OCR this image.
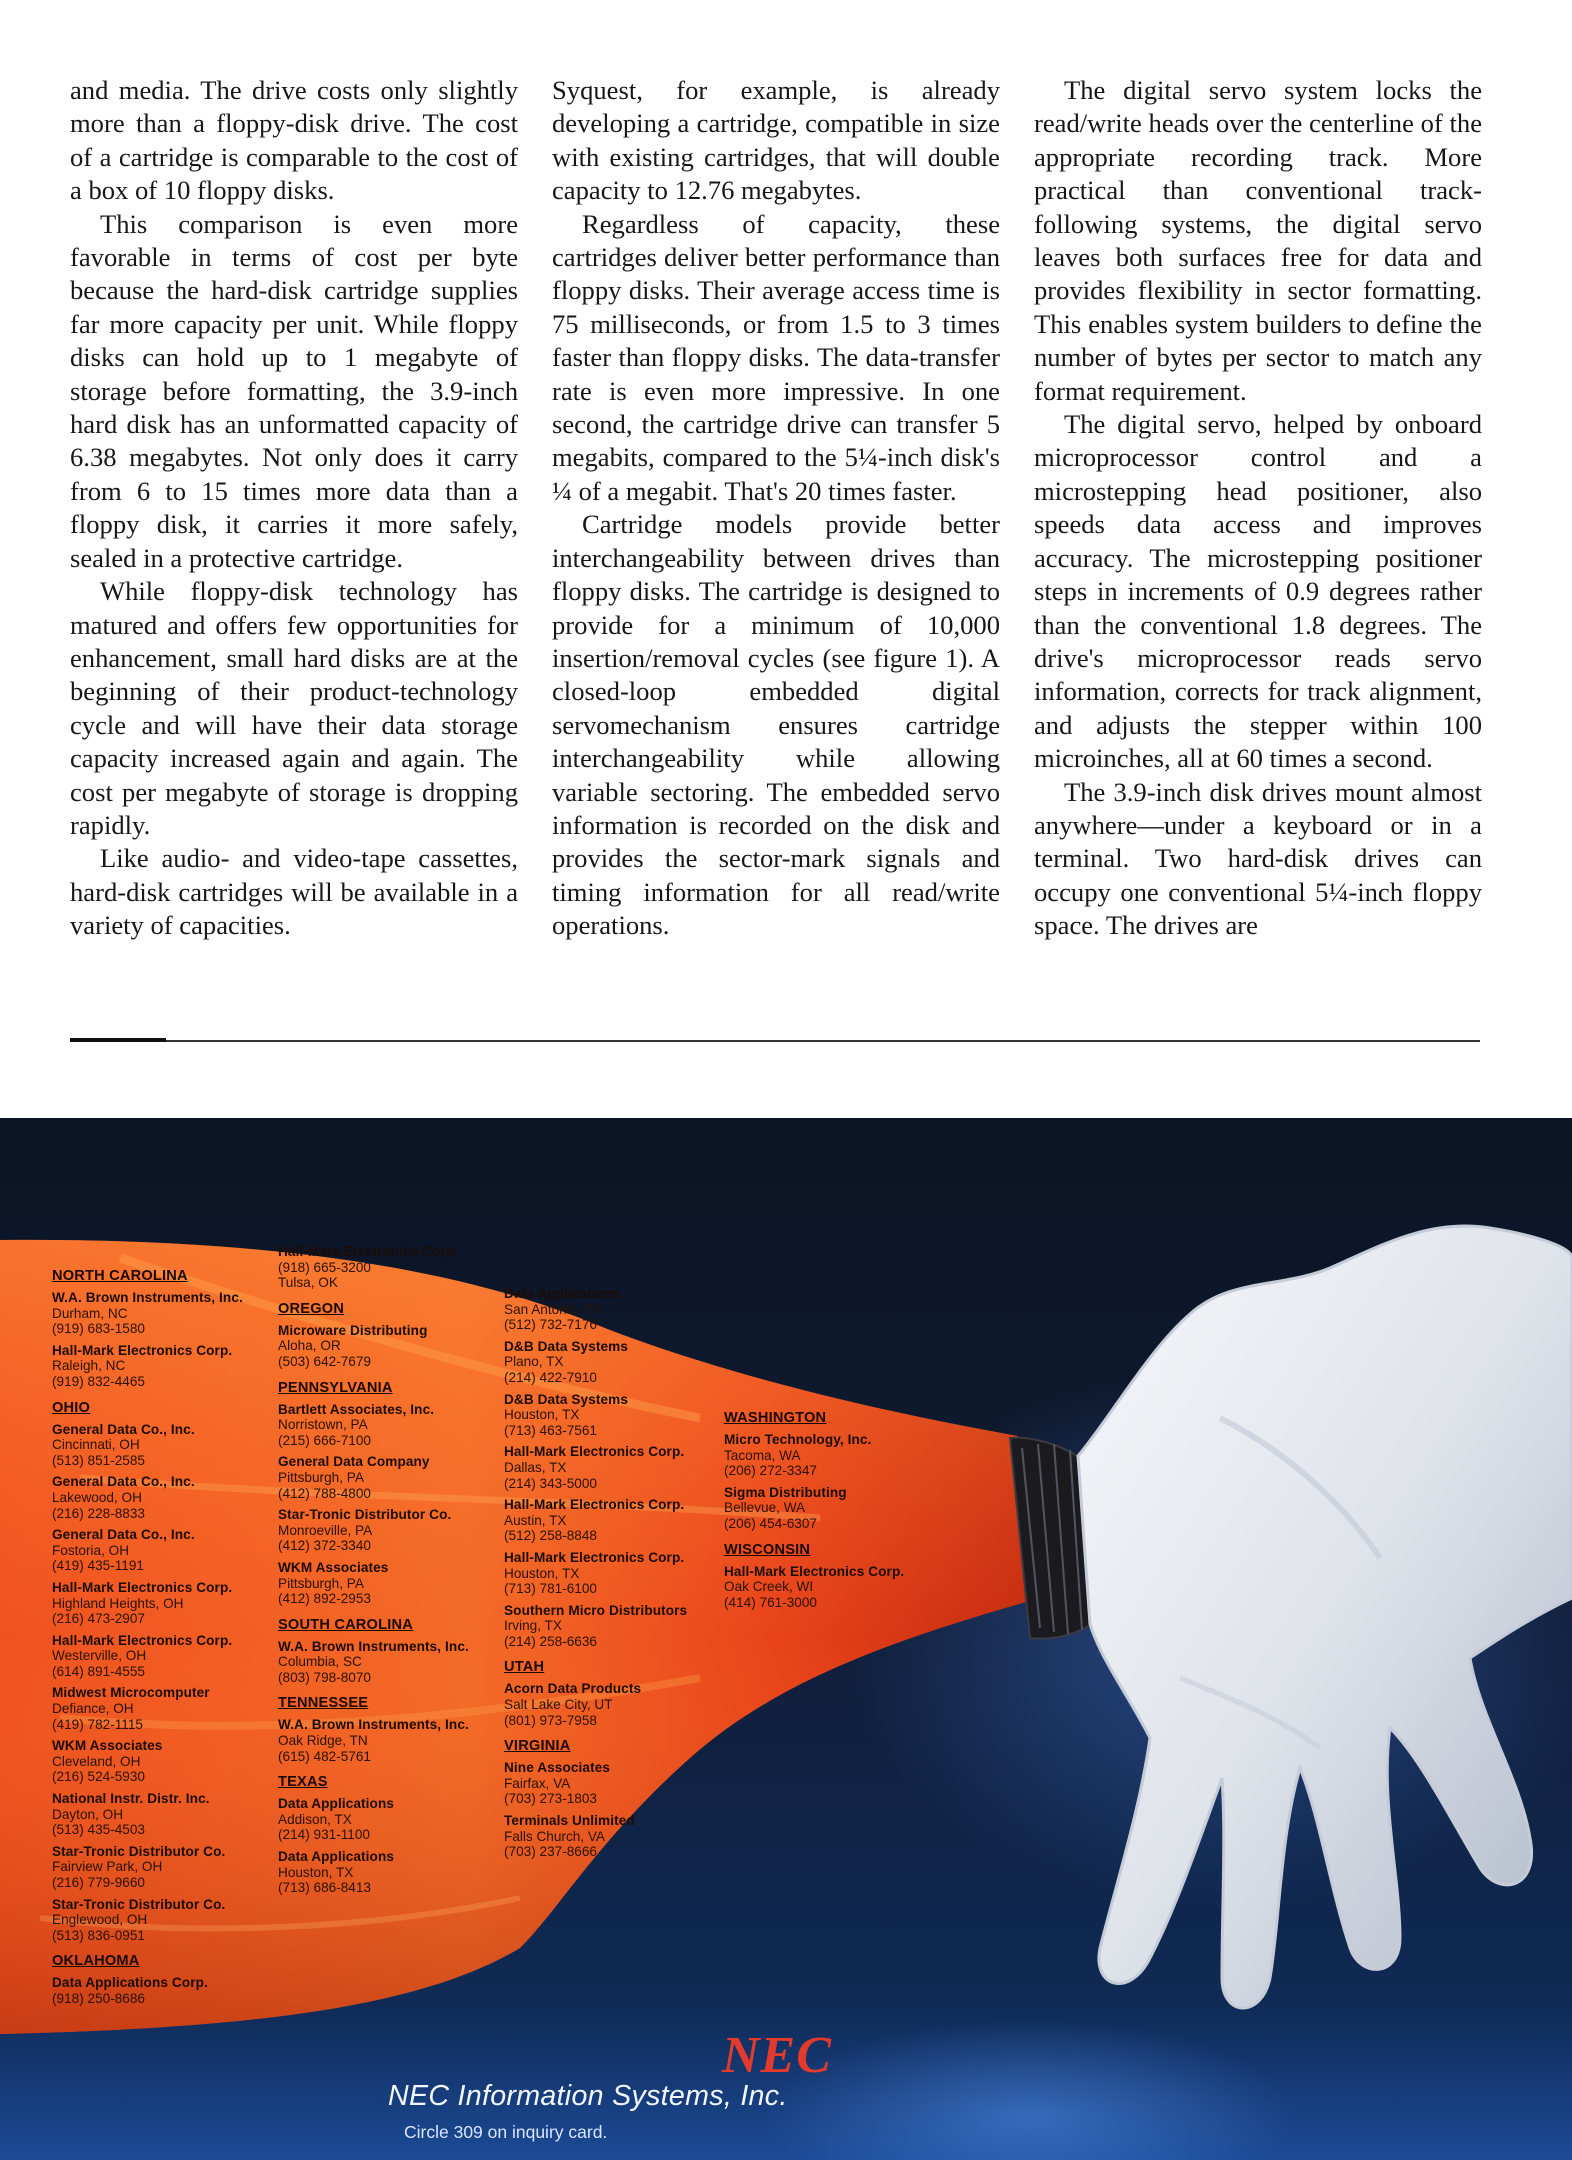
and media. The drive costs only slightly more than a floppy-disk drive. The cost of a cartridge is comparable to the cost of a box of 10 floppy disks.

This comparison is even more favorable in terms of cost per byte because the hard-disk cartridge supplies far more capacity per unit. While floppy disks can hold up to 1 megabyte of storage before formatting, the 3.9-inch hard disk has an unformatted capacity of 6.38 megabytes. Not only does it carry from 6 to 15 times more data than a floppy disk, it carries it more safely, sealed in a protective cartridge.

While floppy-disk technology has matured and offers few opportunities for enhancement, small hard disks are at the beginning of their product-technology cycle and will have their data storage capacity increased again and again. The cost per megabyte of storage is dropping rapidly.

Like audio- and video-tape cassettes, hard-disk cartridges will be available in a variety of capacities.

Syquest, for example, is already developing a cartridge, compatible in size with existing cartridges, that will double capacity to 12.76 megabytes.

Regardless of capacity, these cartridges deliver better performance than floppy disks. Their average access time is 75 milliseconds, or from 1.5 to 3 times faster than floppy disks. The data-transfer rate is even more impressive. In one second, the cartridge drive can transfer 5 megabits, compared to the 5¼-inch disk's ¼ of a megabit. That's 20 times faster.

Cartridge models provide better interchangeability between drives than floppy disks. The cartridge is designed to provide for a minimum of 10,000 insertion/removal cycles (see figure 1). A closed-loop embedded digital servomechanism ensures cartridge interchangeability while allowing variable sectoring. The embedded servo information is recorded on the disk and provides the sector-mark signals and timing information for all read/write operations.

The digital servo system locks the read/write heads over the centerline of the appropriate recording track. More practical than conventional track-following systems, the digital servo leaves both surfaces free for data and provides flexibility in sector formatting. This enables system builders to define the number of bytes per sector to match any format requirement.

The digital servo, helped by onboard microprocessor control and a microstepping head positioner, also speeds data access and improves accuracy. The microstepping positioner steps in increments of 0.9 degrees rather than the conventional 1.8 degrees. The drive's microprocessor reads servo information, corrects for track alignment, and adjusts the stepper within 100 microinches, all at 60 times a second.

The 3.9-inch disk drives mount almost anywhere—under a keyboard or in a terminal. Two hard-disk drives can occupy one conventional 5¼-inch floppy space. The drives are

NORTH CAROLINA
W.A. Brown Instruments, Inc.
Durham, NC
(919) 683-1580
Hall-Mark Electronics Corp.
Raleigh, NC
(919) 832-4465
OHIO
General Data Co., Inc.
Cincinnati, OH
(513) 851-2585
General Data Co., Inc.
Lakewood, OH
(216) 228-8833
General Data Co., Inc.
Fostoria, OH
(419) 435-1191
Hall-Mark Electronics Corp.
Highland Heights, OH
(216) 473-2907
Hall-Mark Electronics Corp.
Westerville, OH
(614) 891-4555
Midwest Microcomputer
Defiance, OH
(419) 782-1115
WKM Associates
Cleveland, OH
(216) 524-5930
National Instr. Distr. Inc.
Dayton, OH
(513) 435-4503
Star-Tronic Distributor Co.
Fairview Park, OH
(216) 779-9660
Star-Tronic Distributor Co.
Englewood, OH
(513) 836-0951
OKLAHOMA
Data Applications Corp.
(918) 250-8686
Hall-Mark Electronics Corp.
(918) 665-3200
Tulsa, OK
OREGON
Microware Distributing
Aloha, OR
(503) 642-7679
PENNSYLVANIA
Bartlett Associates, Inc.
Norristown, PA
(215) 666-7100
General Data Company
Pittsburgh, PA
(412) 788-4800
Star-Tronic Distributor Co.
Monroeville, PA
(412) 372-3340
WKM Associates
Pittsburgh, PA
(412) 892-2953
SOUTH CAROLINA
W.A. Brown Instruments, Inc.
Columbia, SC
(803) 798-8070
TENNESSEE
W.A. Brown Instruments, Inc.
Oak Ridge, TN
(615) 482-5761
TEXAS
Data Applications
Addison, TX
(214) 931-1100
Data Applications
Houston, TX
(713) 686-8413
Data Applications
San Antonio, TX
(512) 732-7176
D&B Data Systems
Plano, TX
(214) 422-7910
D&B Data Systems
Houston, TX
(713) 463-7561
Hall-Mark Electronics Corp.
Dallas, TX
(214) 343-5000
Hall-Mark Electronics Corp.
Austin, TX
(512) 258-8848
Hall-Mark Electronics Corp.
Houston, TX
(713) 781-6100
Southern Micro Distributors
Irving, TX
(214) 258-6636
UTAH
Acorn Data Products
Salt Lake City, UT
(801) 973-7958
VIRGINIA
Nine Associates
Fairfax, VA
(703) 273-1803
Terminals Unlimited
Falls Church, VA
(703) 237-8666
WASHINGTON
Micro Technology, Inc.
Tacoma, WA
(206) 272-3347
Sigma Distributing
Bellevue, WA
(206) 454-6307
WISCONSIN
Hall-Mark Electronics Corp.
Oak Creek, WI
(414) 761-3000
NEC
NEC Information Systems, Inc.
Circle 309 on inquiry card.
